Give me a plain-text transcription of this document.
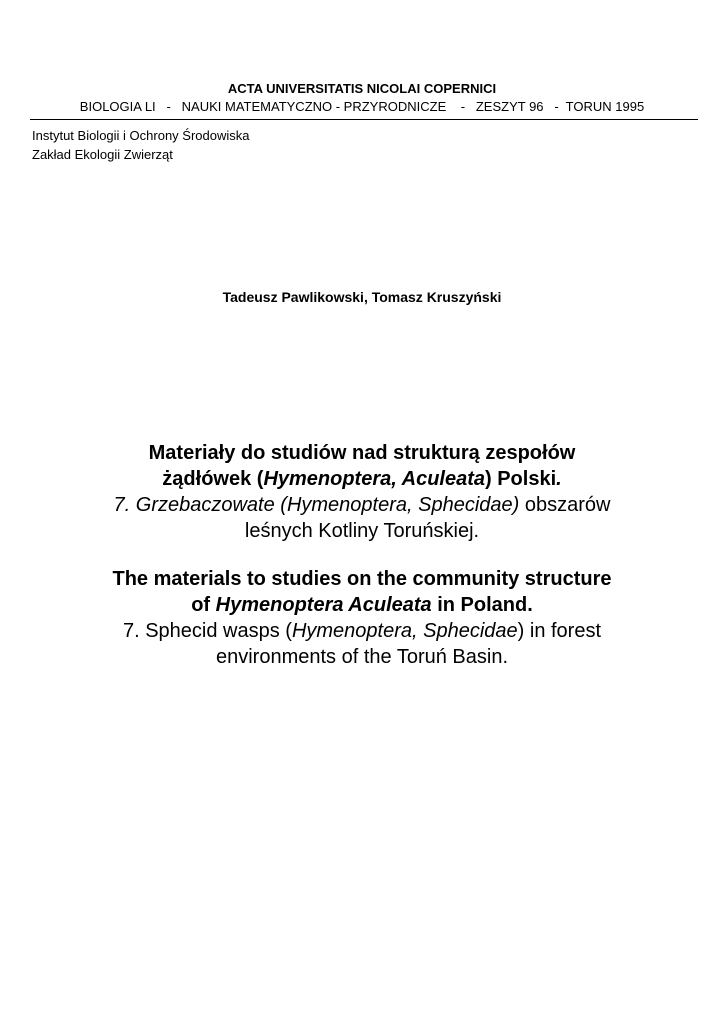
ACTA UNIVERSITATIS NICOLAI COPERNICI
BIOLOGIA LI   -   NAUKI MATEMATYCZNO - PRZYRODNICZE    -   ZESZYT 96   -  TORUN 1995
Instytut Biologii i Ochrony Środowiska
Zakład Ekologii Zwierząt
Tadeusz Pawlikowski, Tomasz Kruszyński
Materiały do studiów nad strukturą zespołów
żądłówek (Hymenoptera, Aculeata) Polski.
7. Grzebaczowate (Hymenoptera, Sphecidae) obszarów
leśnych Kotliny Toruńskiej.
The materials to studies on the community structure
of Hymenoptera Aculeata in Poland.
7. Sphecid wasps (Hymenoptera, Sphecidae) in forest
environments of the Toruń Basin.
